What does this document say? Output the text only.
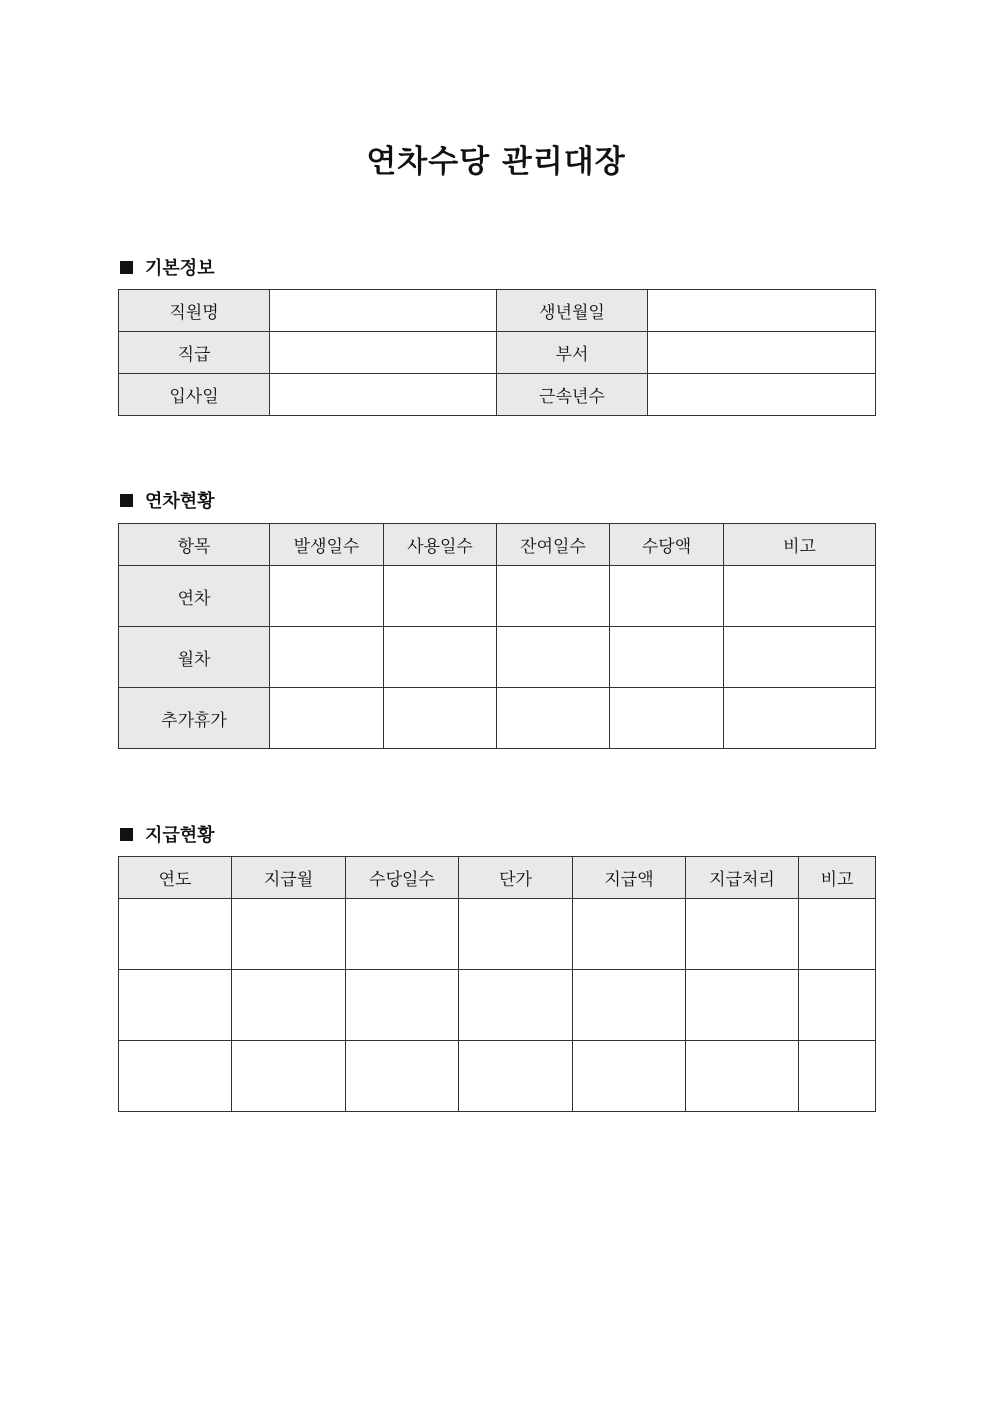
연차수당 관리대장
기본정보
직원명		생년월일	
직급		부서	
입사일		근속년수	
연차현황
항목	발생일수	사용일수	잔여일수	수당액	비고
연차					
월차					
추가휴가					
지급현황
연도	지급월	수당일수	단가	지급액	지급처리	비고
